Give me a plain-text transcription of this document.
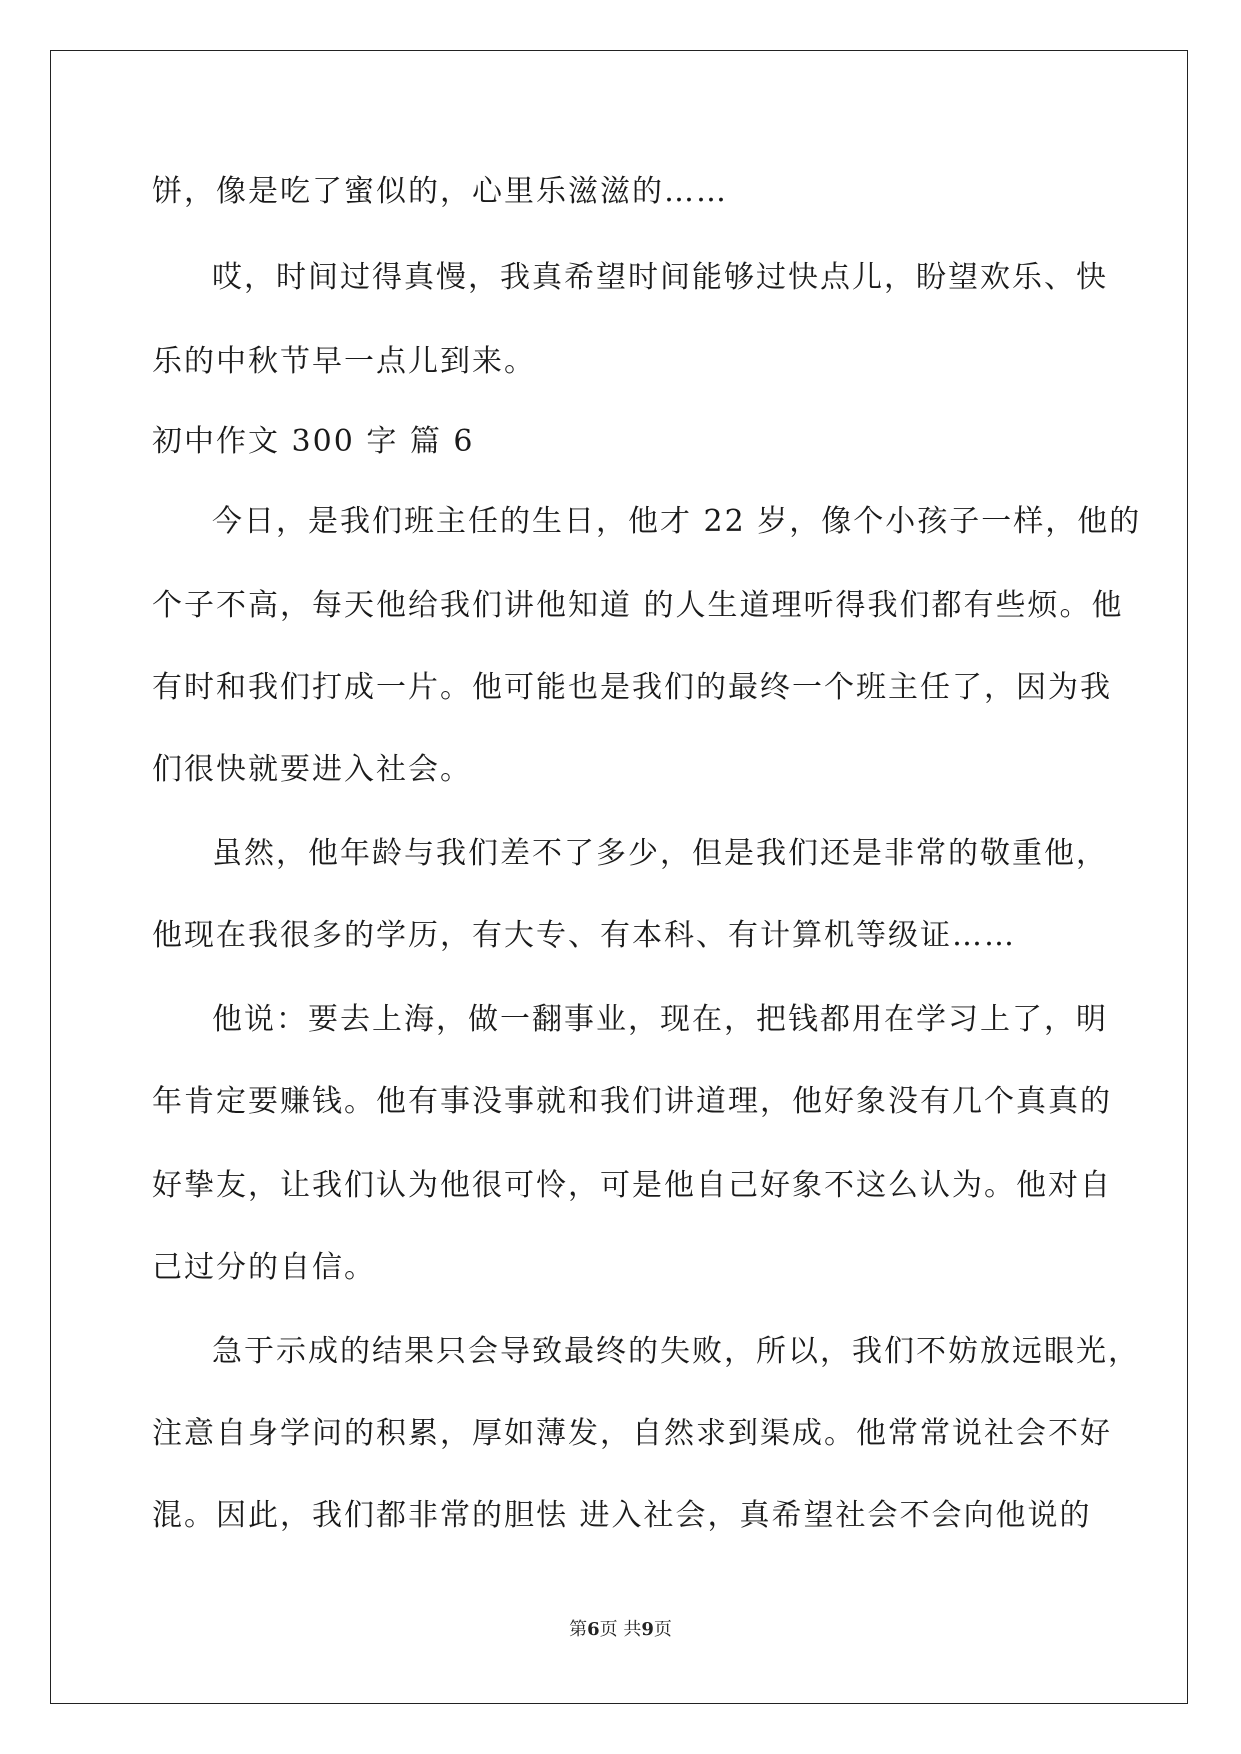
饼，像是吃了蜜似的，心里乐滋滋的……
哎，时间过得真慢，我真希望时间能够过快点儿，盼望欢乐、快
乐的中秋节早一点儿到来。
初中作文 300 字 篇 6
今日，是我们班主任的生日，他才 22 岁，像个小孩子一样，他的
个子不高，每天他给我们讲他知道 的人生道理听得我们都有些烦。他
有时和我们打成一片。他可能也是我们的最终一个班主任了，因为我
们很快就要进入社会。
虽然，他年龄与我们差不了多少，但是我们还是非常的敬重他，
他现在我很多的学历，有大专、有本科、有计算机等级证……
他说：要去上海，做一翻事业，现在，把钱都用在学习上了，明
年肯定要赚钱。他有事没事就和我们讲道理，他好象没有几个真真的
好挚友，让我们认为他很可怜，可是他自己好象不这么认为。他对自
己过分的自信。
急于示成的结果只会导致最终的失败，所以，我们不妨放远眼光，
注意自身学问的积累，厚如薄发，自然求到渠成。他常常说社会不好
混。因此，我们都非常的胆怯 进入社会，真希望社会不会向他说的
第6页 共9页
